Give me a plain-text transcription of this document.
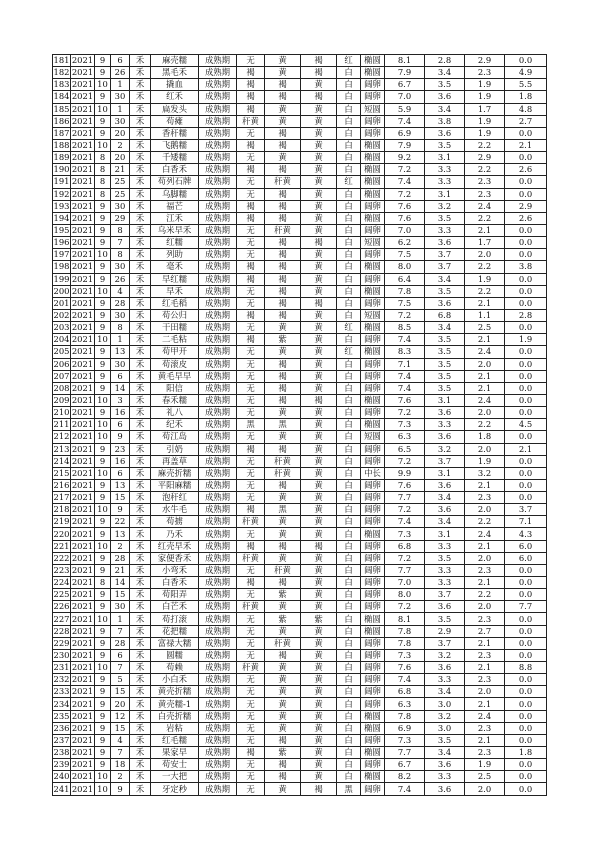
181	2021	9	6	禾	麻壳糯	成熟期	无	黄	褐	红	椭圆	8.1	2.8	2.9	0.0
182	2021	9	26	禾	黑毛禾	成熟期	褐	黄	褐	白	椭圆	7.9	3.4	2.3	4.9
183	2021	10	1	禾	撬血	成熟期	褐	褐	黄	白	阔卵	6.7	3.5	1.9	5.5
184	2021	9	30	禾	红禾	成熟期	褐	褐	褐	白	阔卵	7.0	3.6	1.9	1.8
185	2021	10	1	禾	扁发头	成熟期	褐	黄	黄	白	短圆	5.9	3.4	1.7	4.8
186	2021	9	30	禾	苟瘫	成熟期	秆黄	黄	黄	白	阔卵	7.4	3.8	1.9	2.7
187	2021	9	20	禾	香秆糯	成熟期	无	褐	黄	白	阔卵	6.9	3.6	1.9	0.0
188	2021	10	2	禾	飞鹅糯	成熟期	褐	褐	黄	白	椭圆	7.9	3.5	2.2	2.1
189	2021	8	20	禾	千矮糯	成熟期	无	黄	黄	白	椭圆	9.2	3.1	2.9	0.0
190	2021	8	21	禾	白香禾	成熟期	褐	褐	黄	白	椭圆	7.2	3.3	2.2	2.6
191	2021	8	25	禾	苟列石牌	成熟期	无	秆黄	黄	红	椭圆	7.4	3.3	2.3	0.0
192	2021	8	25	禾	乌脚糯	成熟期	无	褐	黄	白	椭圆	7.2	3.1	2.3	0.0
193	2021	9	30	禾	福芒	成熟期	褐	褐	黄	白	阔卵	7.6	3.2	2.4	2.9
194	2021	9	29	禾	江禾	成熟期	褐	褐	黄	白	椭圆	7.6	3.5	2.2	2.6
195	2021	9	8	禾	乌米早禾	成熟期	无	秆黄	黄	白	阔卵	7.0	3.3	2.1	0.0
196	2021	9	7	禾	红糯	成熟期	无	褐	褐	白	短圆	6.2	3.6	1.7	0.0
197	2021	10	8	禾	列助	成熟期	无	褐	黄	白	阔卵	7.5	3.7	2.0	0.0
198	2021	9	30	禾	毫禾	成熟期	褐	褐	黄	白	椭圆	8.0	3.7	2.2	3.8
199	2021	9	26	禾	早红糯	成熟期	褐	褐	黄	白	阔卵	6.4	3.4	1.9	0.0
200	2021	10	4	禾	早禾	成熟期	无	褐	黄	白	椭圆	7.8	3.5	2.2	0.0
201	2021	9	28	禾	红毛稻	成熟期	无	褐	褐	白	阔卵	7.5	3.6	2.1	0.0
202	2021	9	30	禾	苟公归	成熟期	褐	褐	黄	白	短圆	7.2	6.8	1.1	2.8
203	2021	9	8	禾	干田糯	成熟期	无	黄	黄	红	椭圆	8.5	3.4	2.5	0.0
204	2021	10	1	禾	二毛粘	成熟期	褐	紫	黄	白	阔卵	7.4	3.5	2.1	1.9
205	2021	9	13	禾	苟甲开	成熟期	无	黄	黄	红	椭圆	8.3	3.5	2.4	0.0
206	2021	9	30	禾	苟滚皮	成熟期	无	褐	黄	白	阔卵	7.1	3.5	2.0	0.0
207	2021	9	6	禾	黄毛早早	成熟期	无	褐	黄	白	阔卵	7.4	3.5	2.1	0.0
208	2021	9	14	禾	阳信	成熟期	无	褐	黄	白	阔卵	7.4	3.5	2.1	0.0
209	2021	10	3	禾	春禾糯	成熟期	无	褐	褐	白	椭圆	7.6	3.1	2.4	0.0
210	2021	9	16	禾	礼八	成熟期	无	黄	黄	白	阔卵	7.2	3.6	2.0	0.0
211	2021	10	6	禾	纪禾	成熟期	黑	黑	黄	白	椭圆	7.3	3.3	2.2	4.5
212	2021	10	9	禾	苟江岛	成熟期	无	黄	黄	白	短圆	6.3	3.6	1.8	0.0
213	2021	9	23	禾	引奶	成熟期	褐	褐	黄	白	阔卵	6.5	3.2	2.0	2.1
214	2021	9	16	禾	再盖草	成熟期	无	秆黄	黄	白	阔卵	7.2	3.7	1.9	0.0
215	2021	10	6	禾	麻壳折糯	成熟期	无	秆黄	黄	白	中长	9.9	3.1	3.2	0.0
216	2021	9	13	禾	平阳麻糯	成熟期	无	褐	黄	白	阔卵	7.6	3.6	2.1	0.0
217	2021	9	15	禾	泡秆红	成熟期	无	黄	黄	白	阔卵	7.7	3.4	2.3	0.0
218	2021	10	9	禾	水牛毛	成熟期	褐	黑	黄	白	阔卵	7.2	3.6	2.0	3.7
219	2021	9	22	禾	苟掳	成熟期	秆黄	黄	黄	白	阔卵	7.4	3.4	2.2	7.1
220	2021	9	13	禾	乃禾	成熟期	无	黄	黄	白	椭圆	7.3	3.1	2.4	4.3
221	2021	10	2	禾	红壳早禾	成熟期	褐	褐	褐	白	阔卵	6.8	3.3	2.1	6.0
222	2021	9	28	禾	家便香禾	成熟期	秆黄	黄	黄	白	阔卵	7.2	3.5	2.0	6.0
223	2021	9	21	禾	小弯禾	成熟期	无	秆黄	黄	白	阔卵	7.7	3.3	2.3	0.0
224	2021	8	14	禾	白香禾	成熟期	褐	褐	黄	白	阔卵	7.0	3.3	2.1	0.0
225	2021	9	15	禾	苟阳弄	成熟期	无	紫	黄	白	阔卵	8.0	3.7	2.2	0.0
226	2021	9	30	禾	白芒禾	成熟期	秆黄	黄	黄	白	阔卵	7.2	3.6	2.0	7.7
227	2021	10	1	禾	苟打滚	成熟期	无	紫	紫	白	椭圆	8.1	3.5	2.3	0.0
228	2021	9	7	禾	花把糯	成熟期	无	黄	黄	白	椭圆	7.8	2.9	2.7	0.0
229	2021	9	28	禾	富禄大糯	成熟期	无	秆黄	黄	白	阔卵	7.8	3.7	2.1	0.0
230	2021	9	6	禾	圆糯	成熟期	无	褐	黄	白	阔卵	7.3	3.2	2.3	0.0
231	2021	10	7	禾	苟赖	成熟期	秆黄	黄	黄	白	阔卵	7.6	3.6	2.1	8.8
232	2021	9	5	禾	小白禾	成熟期	无	黄	黄	白	阔卵	7.4	3.3	2.3	0.0
233	2021	9	15	禾	黄壳折糯	成熟期	无	黄	黄	白	阔卵	6.8	3.4	2.0	0.0
234	2021	9	20	禾	黄壳糯-1	成熟期	无	黄	黄	白	阔卵	6.3	3.0	2.1	0.0
235	2021	9	12	禾	白壳折糯	成熟期	无	黄	黄	白	椭圆	7.8	3.2	2.4	0.0
236	2021	9	15	禾	岩粘	成熟期	无	黄	黄	白	椭圆	6.9	3.0	2.3	0.0
237	2021	9	4	禾	红毛糯	成熟期	无	褐	黄	白	阔卵	7.3	3.5	2.1	0.0
238	2021	9	7	禾	果家早	成熟期	褐	紫	黄	白	椭圆	7.7	3.4	2.3	1.8
239	2021	9	18	禾	苟安士	成熟期	无	褐	黄	白	阔卵	6.7	3.6	1.9	0.0
240	2021	10	2	禾	一大把	成熟期	无	褐	黄	白	椭圆	8.2	3.3	2.5	0.0
241	2021	10	9	禾	牙定秒	成熟期	无	黄	褐	黑	阔卵	7.4	3.6	2.0	0.0
